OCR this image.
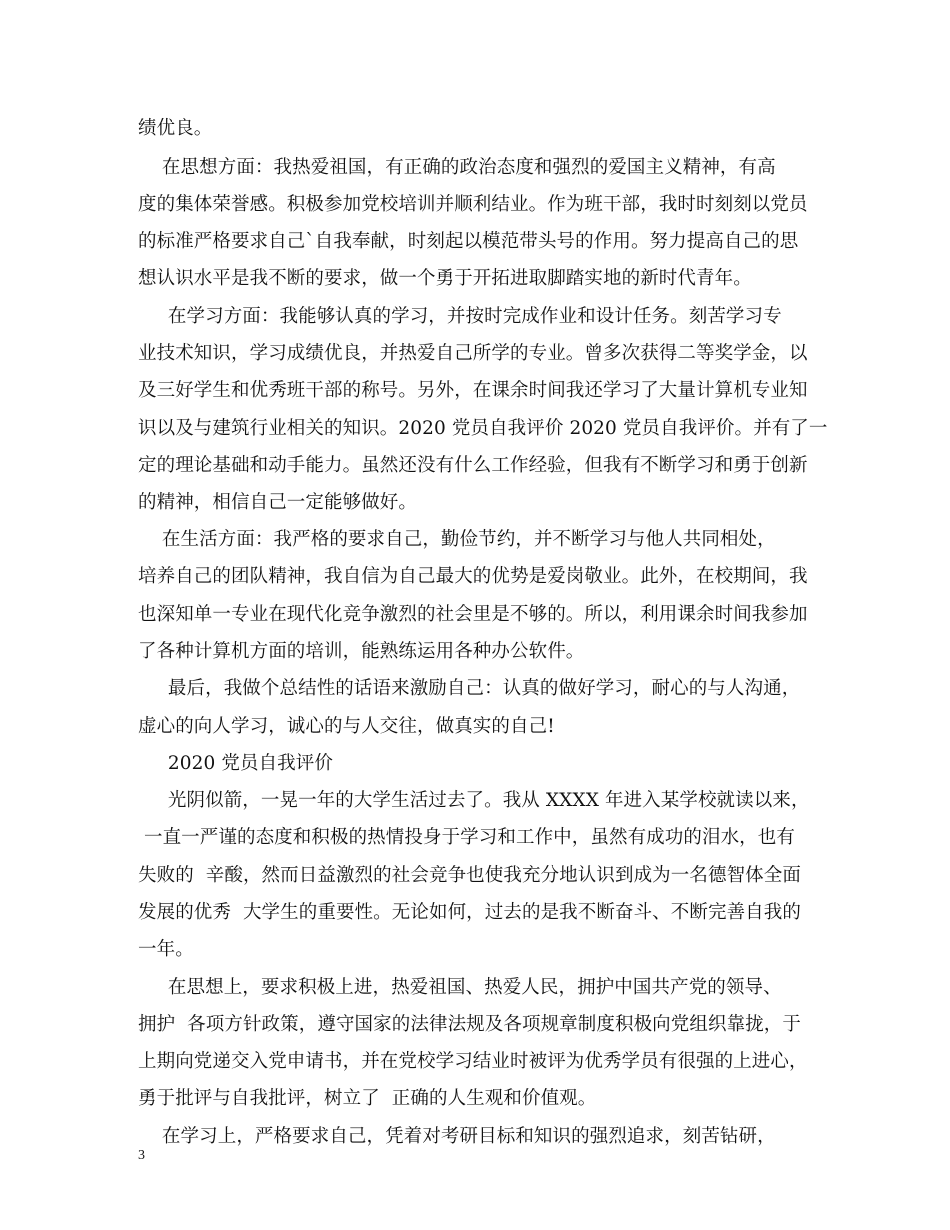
绩优良。
在思想方面：我热爱祖国，有正确的政治态度和强烈的爱国主义精神，有高
度的集体荣誉感。积极参加党校培训并顺利结业。作为班干部，我时时刻刻以党员
的标准严格要求自己`自我奉献，时刻起以模范带头号的作用。努力提高自己的思
想认识水平是我不断的要求，做一个勇于开拓进取脚踏实地的新时代青年。
在学习方面：我能够认真的学习，并按时完成作业和设计任务。刻苦学习专
业技术知识，学习成绩优良，并热爱自己所学的专业。曾多次获得二等奖学金，以
及三好学生和优秀班干部的称号。另外，在课余时间我还学习了大量计算机专业知
识以及与建筑行业相关的知识。2020 党员自我评价 2020 党员自我评价。并有了一
定的理论基础和动手能力。虽然还没有什么工作经验，但我有不断学习和勇于创新
的精神，相信自己一定能够做好。
在生活方面：我严格的要求自己，勤俭节约，并不断学习与他人共同相处，
培养自己的团队精神，我自信为自己最大的优势是爱岗敬业。此外，在校期间，我
也深知单一专业在现代化竞争激烈的社会里是不够的。所以，利用课余时间我参加
了各种计算机方面的培训，能熟练运用各种办公软件。
最后，我做个总结性的话语来激励自己：认真的做好学习，耐心的与人沟通，
虚心的向人学习，诚心的与人交往，做真实的自己!
2020 党员自我评价
光阴似箭，一晃一年的大学生活过去了。我从 XXXX 年进入某学校就读以来，
一直一严谨的态度和积极的热情投身于学习和工作中，虽然有成功的泪水，也有
失败的  辛酸，然而日益激烈的社会竞争也使我充分地认识到成为一名德智体全面
发展的优秀  大学生的重要性。无论如何，过去的是我不断奋斗、不断完善自我的
一年。
在思想上，要求积极上进，热爱祖国、热爱人民，拥护中国共产党的领导、
拥护  各项方针政策，遵守国家的法律法规及各项规章制度积极向党组织靠拢，于
上期向党递交入党申请书，并在党校学习结业时被评为优秀学员有很强的上进心，
勇于批评与自我批评，树立了  正确的人生观和价值观。
在学习上，严格要求自己，凭着对考研目标和知识的强烈追求，刻苦钻研，
3
